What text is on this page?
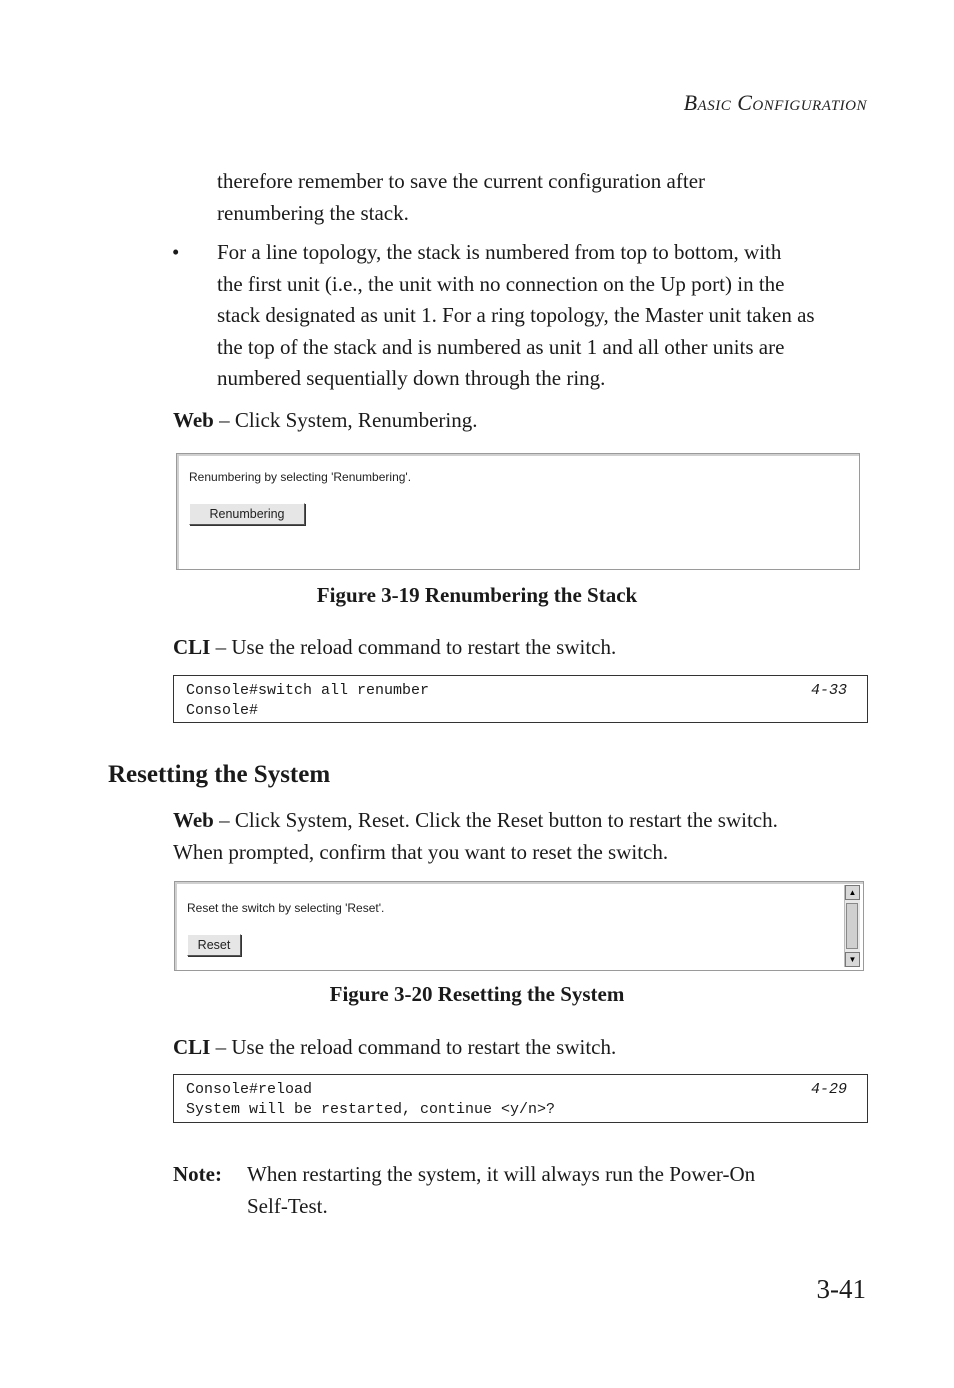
Basic Configuration
therefore remember to save the current configuration after
renumbering the stack.
• For a line topology, the stack is numbered from top to bottom, with
the first unit (i.e., the unit with no connection on the Up port) in the
stack designated as unit 1. For a ring topology, the Master unit taken as
the top of the stack and is numbered as unit 1 and all other units are
numbered sequentially down through the ring.
Web – Click System, Renumbering.
Renumbering by selecting 'Renumbering'.
Renumbering
Figure 3-19 Renumbering the Stack
CLI – Use the reload command to restart the switch.
Console#switch all renumber	4-33
Console#
Resetting the System
Web – Click System, Reset. Click the Reset button to restart the switch.
When prompted, confirm that you want to reset the switch.
Reset the switch by selecting 'Reset'.
Reset
▲
▼
Figure 3-20 Resetting the System
CLI – Use the reload command to restart the switch.
Console#reload	4-29
System will be restarted, continue <y/n>?
Note: When restarting the system, it will always run the Power-On
Self-Test.
3-41
